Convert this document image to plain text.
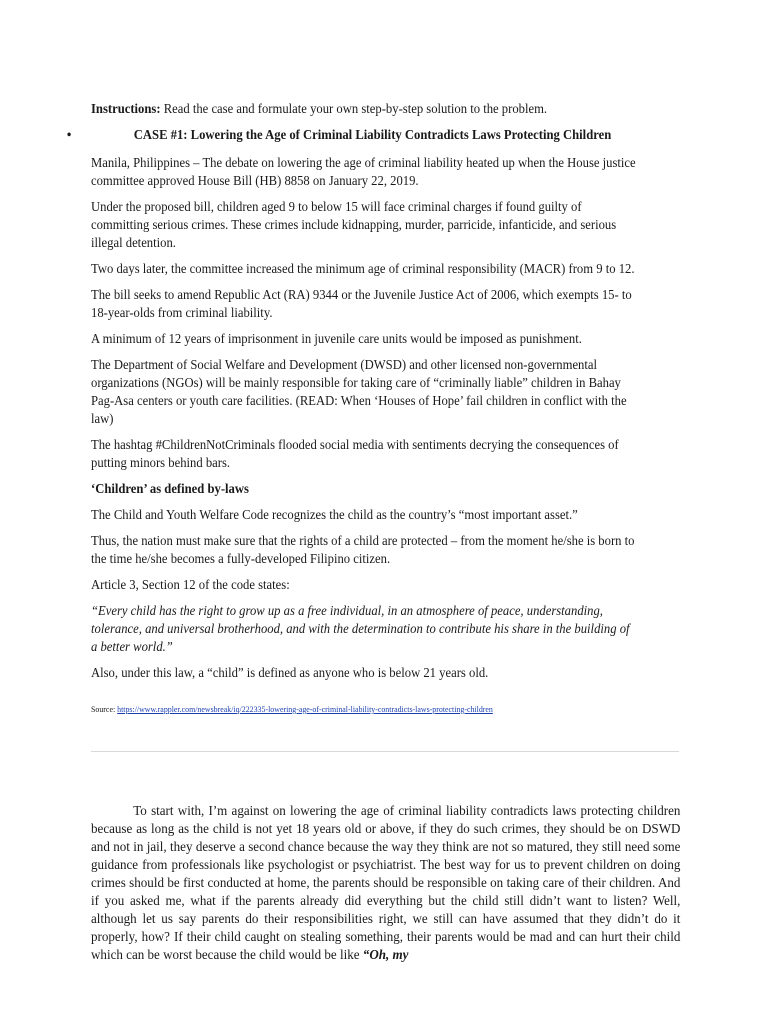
Instructions: Read the case and formulate your own step-by-step solution to the problem.

•	CASE #1: Lowering the Age of Criminal Liability Contradicts Laws Protecting Children

Manila, Philippines – The debate on lowering the age of criminal liability heated up when the House justice committee approved House Bill (HB) 8858 on January 22, 2019.

Under the proposed bill, children aged 9 to below 15 will face criminal charges if found guilty of committing serious crimes. These crimes include kidnapping, murder, parricide, infanticide, and serious illegal detention.

Two days later, the committee increased the minimum age of criminal responsibility (MACR) from 9 to 12.

The bill seeks to amend Republic Act (RA) 9344 or the Juvenile Justice Act of 2006, which exempts 15- to 18-year-olds from criminal liability.

A minimum of 12 years of imprisonment in juvenile care units would be imposed as punishment.

The Department of Social Welfare and Development (DWSD) and other licensed non-governmental organizations (NGOs) will be mainly responsible for taking care of “criminally liable” children in Bahay Pag-Asa centers or youth care facilities. (READ: When ‘Houses of Hope’ fail children in conflict with the law)

The hashtag #ChildrenNotCriminals flooded social media with sentiments decrying the consequences of putting minors behind bars.

‘Children’ as defined by-laws

The Child and Youth Welfare Code recognizes the child as the country’s “most important asset.”

Thus, the nation must make sure that the rights of a child are protected – from the moment he/she is born to the time he/she becomes a fully-developed Filipino citizen.

Article 3, Section 12 of the code states:

“Every child has the right to grow up as a free individual, in an atmosphere of peace, understanding, tolerance, and universal brotherhood, and with the determination to contribute his share in the building of a better world.”

Also, under this law, a “child” is defined as anyone who is below 21 years old.

Source: https://www.rappler.com/newsbreak/iq/222335-lowering-age-of-criminal-liability-contradicts-laws-protecting-children

To start with, I’m against on lowering the age of criminal liability contradicts laws protecting children because as long as the child is not yet 18 years old or above, if they do such crimes, they should be on DSWD and not in jail, they deserve a second chance because the way they think are not so matured, they still need some guidance from professionals like psychologist or psychiatrist. The best way for us to prevent children on doing crimes should be first conducted at home, the parents should be responsible on taking care of their children. And if you asked me, what if the parents already did everything but the child still didn’t want to listen? Well, although let us say parents do their responsibilities right, we still can have assumed that they didn’t do it properly, how? If their child caught on stealing something, their parents would be mad and can hurt their child which can be worst because the child would be like “Oh, my
